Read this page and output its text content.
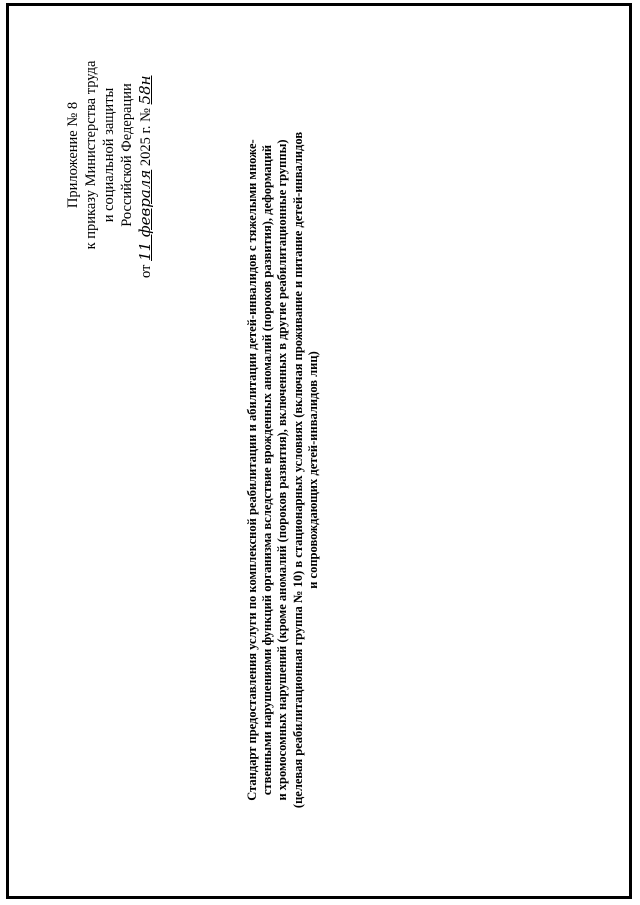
Приложение № 8 к приказу Министерства труда и социальной защиты Российской Федерации
от 11 февраля 2025 г. № 58н
Стандарт предоставления услуги по комплексной реабилитации и абилитации детей-инвалидов с тяжелыми множе- ственными нарушениями функций организма вследствие врожденных аномалий (пороков развития), деформаций и хромосомных нарушений (кроме аномалий (пороков развития), включенных в другие реабилитационные группы) (целевая реабилитационная группа № 10) в стационарных условиях (включая проживание и питание детей-инвалидов и сопровождающих детей-инвалидов лиц)
